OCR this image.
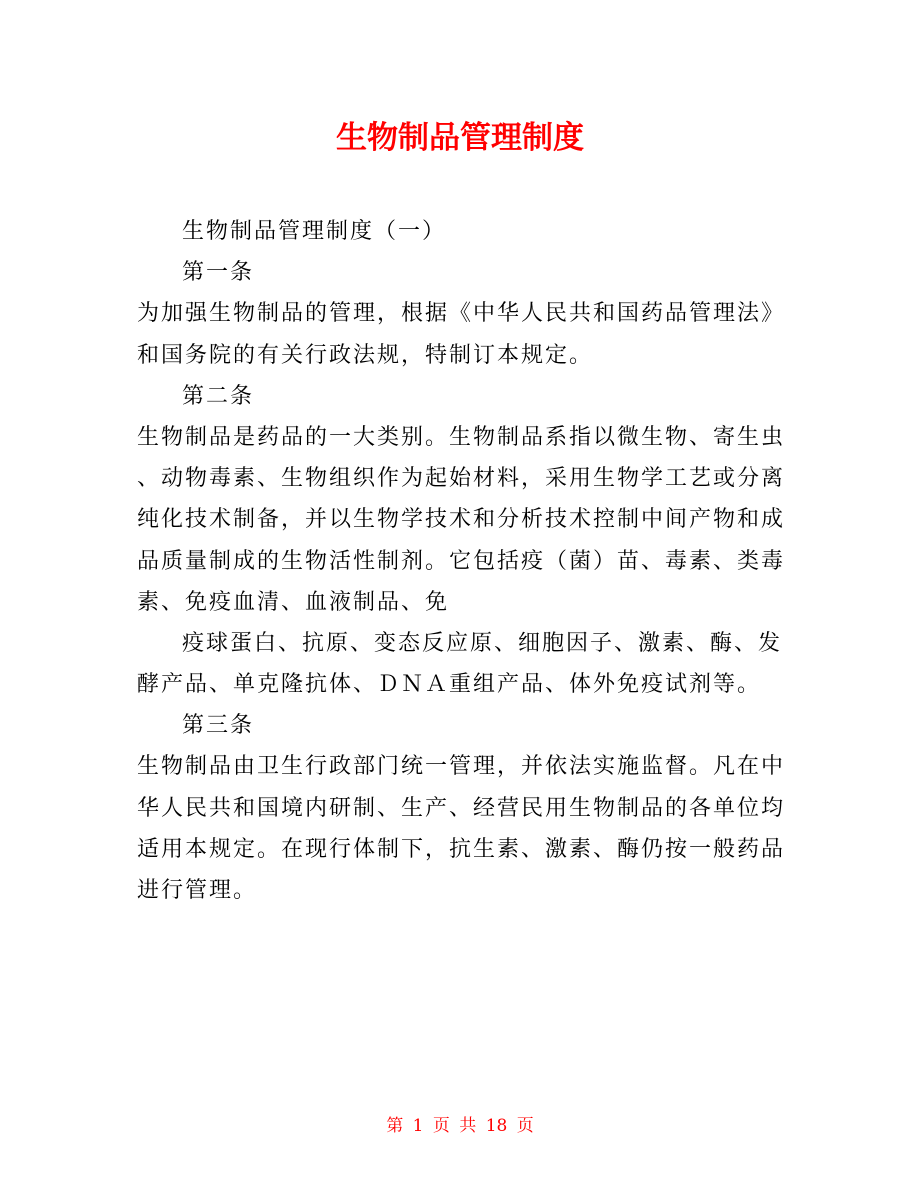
生物制品管理制度
生物制品管理制度（一）
第一条
为加强生物制品的管理，根据《中华人民共和国药品管理法》
和国务院的有关行政法规，特制订本规定。
第二条
生物制品是药品的一大类别。生物制品系指以微生物、寄生虫
、动物毒素、生物组织作为起始材料，采用生物学工艺或分离
纯化技术制备，并以生物学技术和分析技术控制中间产物和成
品质量制成的生物活性制剂。它包括疫（菌）苗、毒素、类毒
素、免疫血清、血液制品、免
疫球蛋白、抗原、变态反应原、细胞因子、激素、酶、发
酵产品、单克隆抗体、ＤＮＡ重组产品、体外免疫试剂等。
第三条
生物制品由卫生行政部门统一管理，并依法实施监督。凡在中
华人民共和国境内研制、生产、经营民用生物制品的各单位均
适用本规定。在现行体制下，抗生素、激素、酶仍按一般药品
进行管理。
第 1 页 共 18 页
